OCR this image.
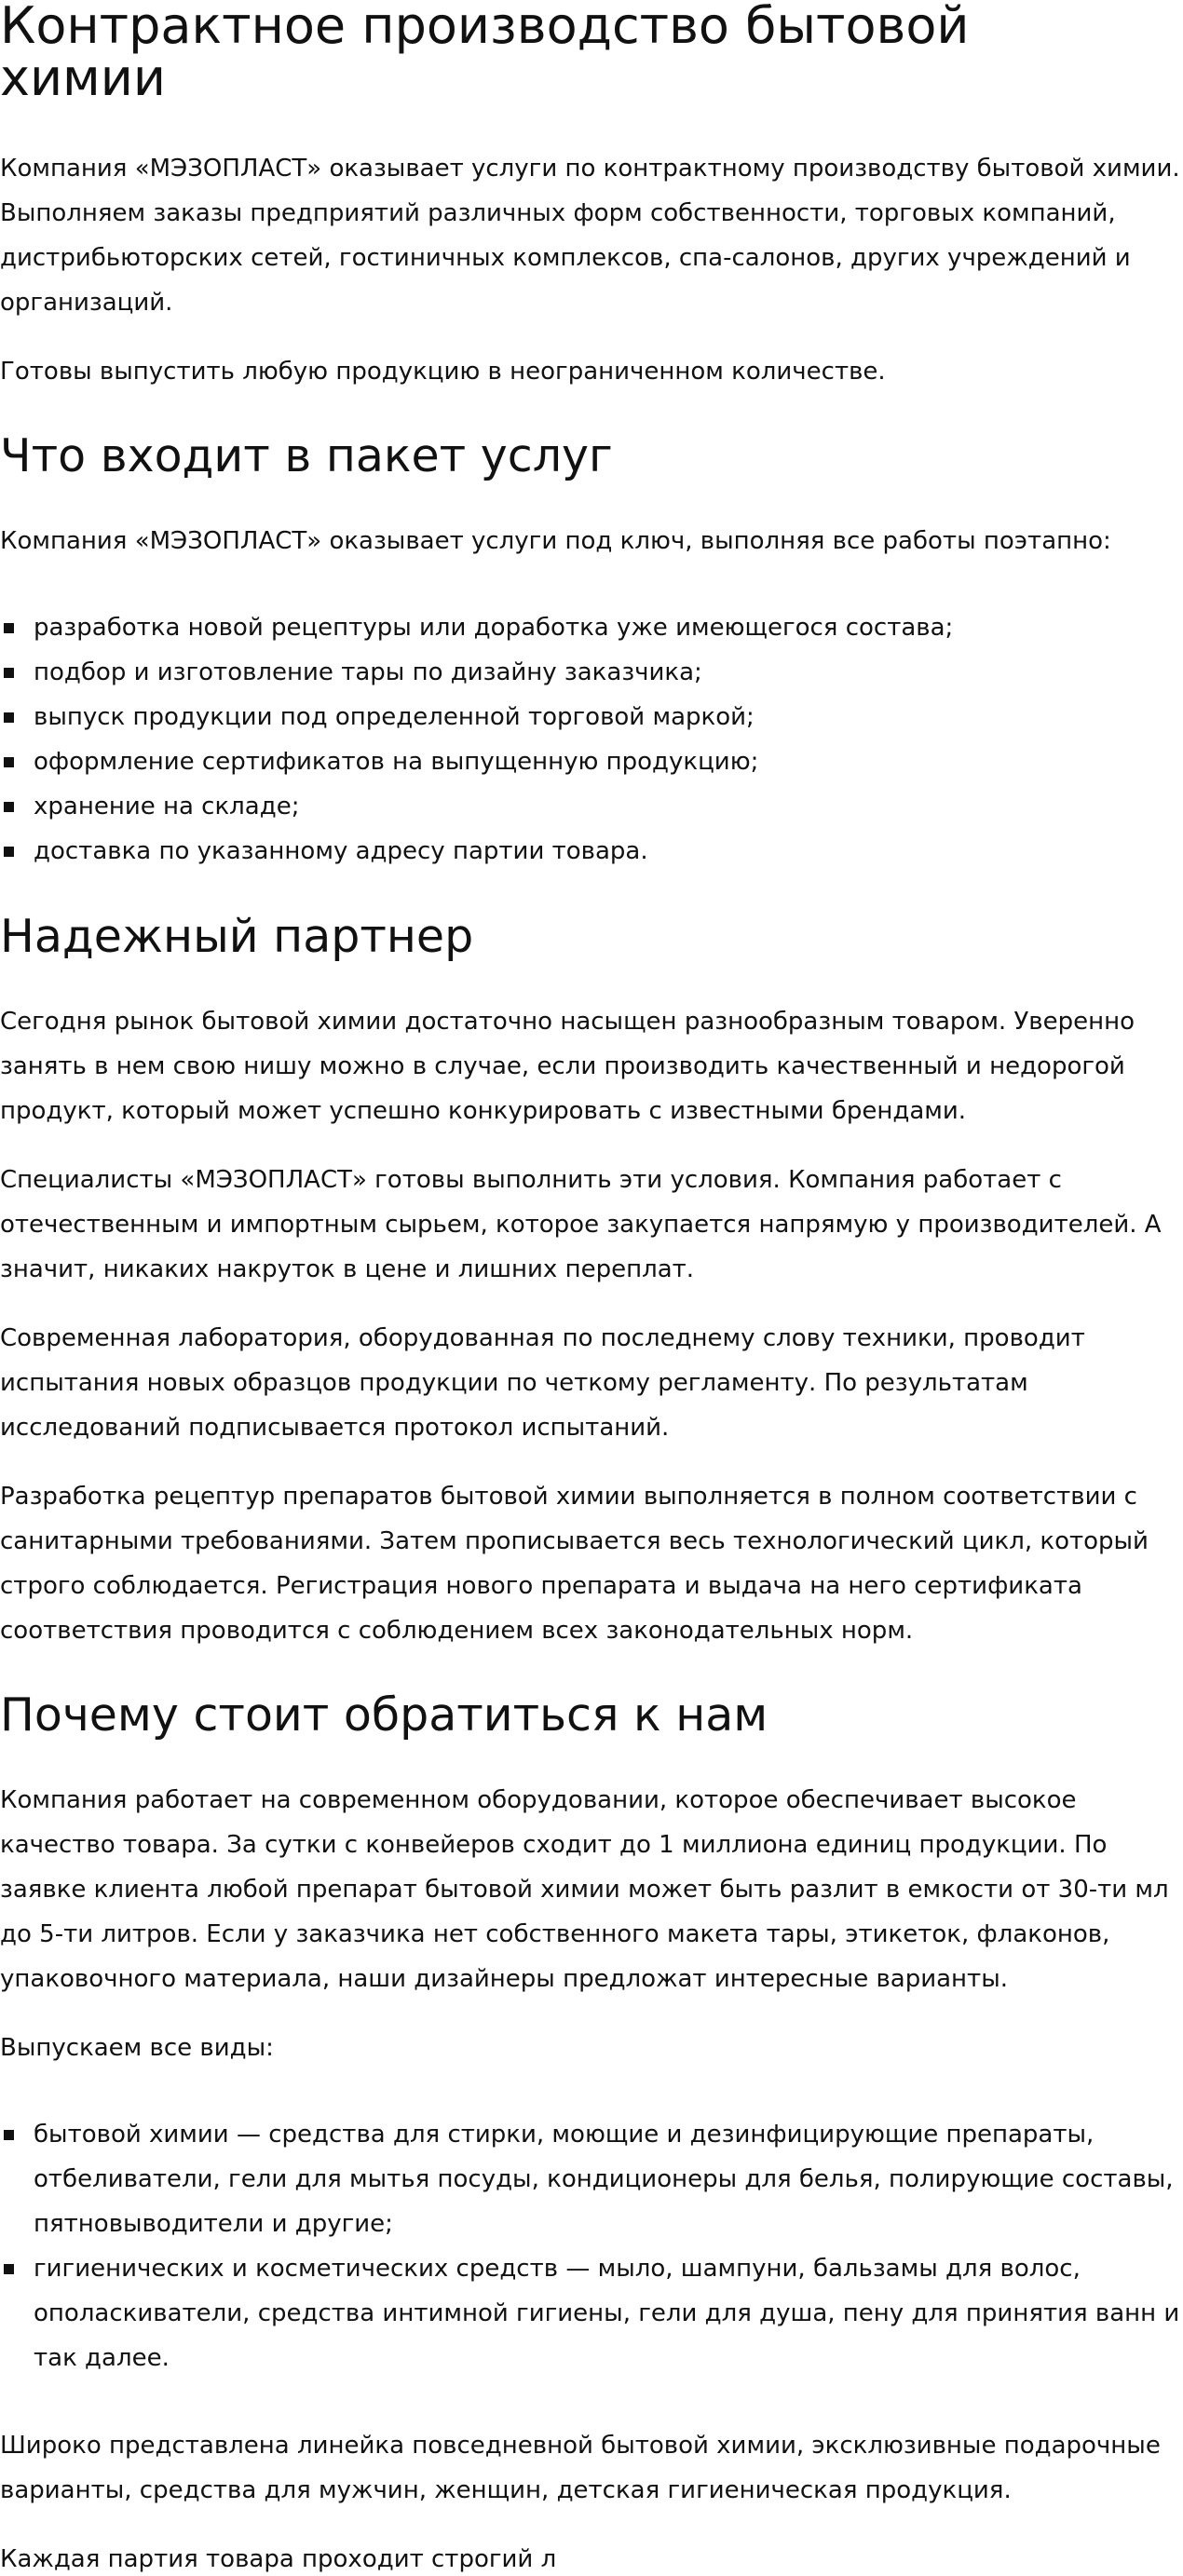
Контрактное производство бытовой
химии
Компания «МЭЗОПЛАСТ» оказывает услуги по контрактному производству бытовой химии.
Выполняем заказы предприятий различных форм собственности, торговых компаний,
дистрибьюторских сетей, гостиничных комплексов, спа-салонов, других учреждений и
организаций.
Готовы выпустить любую продукцию в неограниченном количестве.
Что входит в пакет услуг
Компания «МЭЗОПЛАСТ» оказывает услуги под ключ, выполняя все работы поэтапно:
разработка новой рецептуры или доработка уже имеющегося состава;
подбор и изготовление тары по дизайну заказчика;
выпуск продукции под определенной торговой маркой;
оформление сертификатов на выпущенную продукцию;
хранение на складе;
доставка по указанному адресу партии товара.
Надежный партнер
Сегодня рынок бытовой химии достаточно насыщен разнообразным товаром. Уверенно
занять в нем свою нишу можно в случае, если производить качественный и недорогой
продукт, который может успешно конкурировать с известными брендами.
Специалисты «МЭЗОПЛАСТ» готовы выполнить эти условия. Компания работает с
отечественным и импортным сырьем, которое закупается напрямую у производителей. А
значит, никаких накруток в цене и лишних переплат.
Современная лаборатория, оборудованная по последнему слову техники, проводит
испытания новых образцов продукции по четкому регламенту. По результатам
исследований подписывается протокол испытаний.
Разработка рецептур препаратов бытовой химии выполняется в полном соответствии с
санитарными требованиями. Затем прописывается весь технологический цикл, который
строго соблюдается. Регистрация нового препарата и выдача на него сертификата
соответствия проводится с соблюдением всех законодательных норм.
Почему стоит обратиться к нам
Компания работает на современном оборудовании, которое обеспечивает высокое
качество товара. За сутки с конвейеров сходит до 1 миллиона единиц продукции. По
заявке клиента любой препарат бытовой химии может быть разлит в емкости от 30-ти мл
до 5-ти литров. Если у заказчика нет собственного макета тары, этикеток, флаконов,
упаковочного материала, наши дизайнеры предложат интересные варианты.
Выпускаем все виды:
бытовой химии — средства для стирки, моющие и дезинфицирующие препараты,
отбеливатели, гели для мытья посуды, кондиционеры для белья, полирующие составы,
пятновыводители и другие;
гигиенических и косметических средств — мыло, шампуни, бальзамы для волос,
ополаскиватели, средства интимной гигиены, гели для душа, пену для принятия ванн и
так далее.
Широко представлена линейка повседневной бытовой химии, эксклюзивные подарочные
варианты, средства для мужчин, женщин, детская гигиеническая продукция.
Каждая партия товара проходит строгий л
